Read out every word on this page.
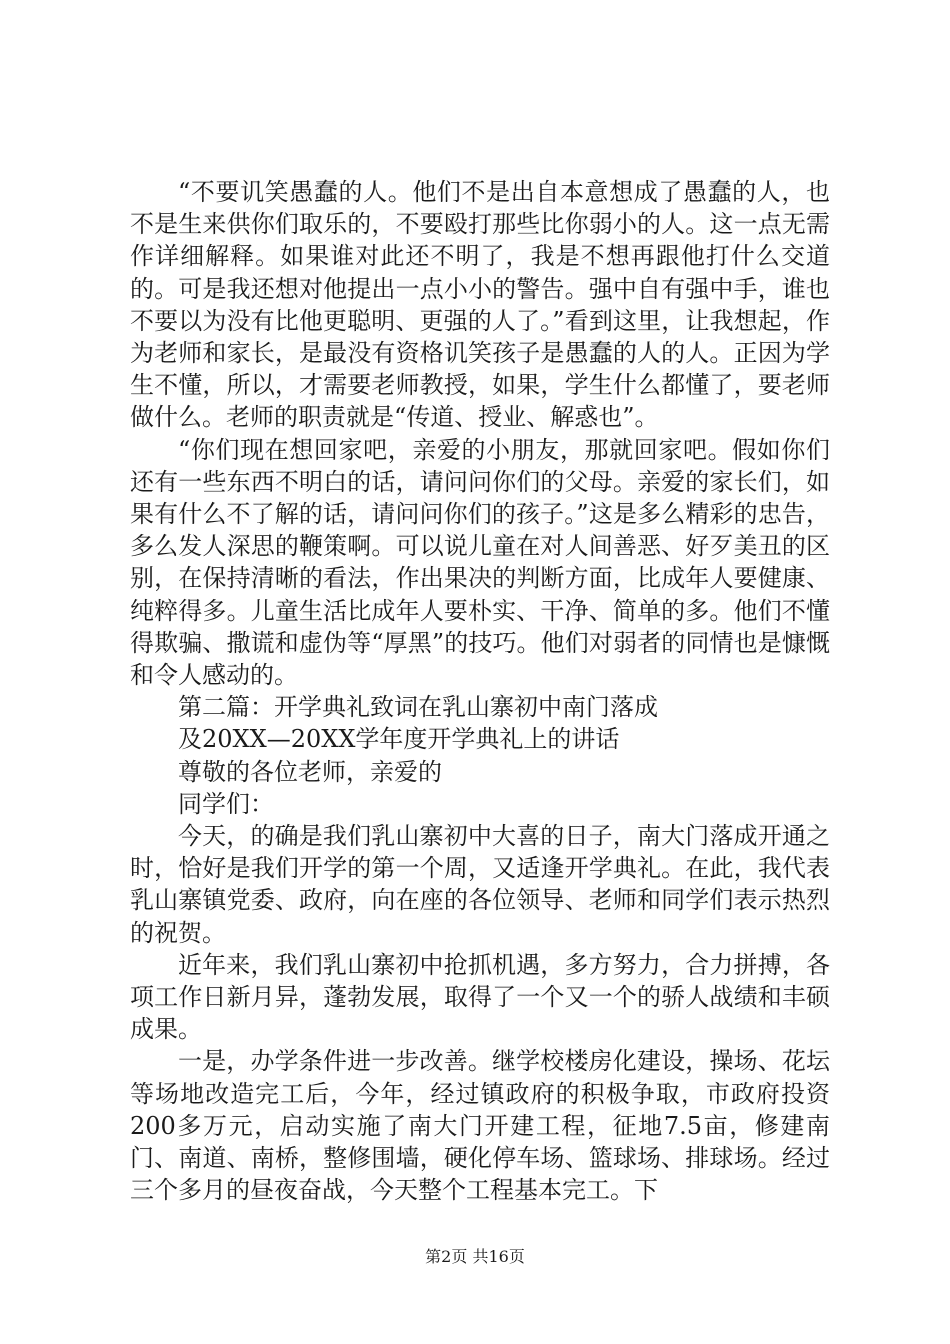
“不要讥笑愚蠢的人。他们不是出自本意想成了愚蠢的人，也不是生来供你们取乐的，不要殴打那些比你弱小的人。这一点无需作详细解释。如果谁对此还不明了，我是不想再跟他打什么交道的。可是我还想对他提出一点小小的警告。强中自有强中手，谁也不要以为没有比他更聪明、更强的人了。”看到这里，让我想起，作为老师和家长，是最没有资格讥笑孩子是愚蠢的人的人。正因为学生不懂，所以，才需要老师教授，如果，学生什么都懂了，要老师做什么。老师的职责就是“传道、授业、解惑也”。

“你们现在想回家吧，亲爱的小朋友，那就回家吧。假如你们还有一些东西不明白的话，请问问你们的父母。亲爱的家长们，如果有什么不了解的话，请问问你们的孩子。”这是多么精彩的忠告，多么发人深思的鞭策啊。可以说儿童在对人间善恶、好歹美丑的区别，在保持清晰的看法，作出果决的判断方面，比成年人要健康、纯粹得多。儿童生活比成年人要朴实、干净、简单的多。他们不懂得欺骗、撒谎和虚伪等“厚黑”的技巧。他们对弱者的同情也是慷慨和令人感动的。

第二篇：开学典礼致词在乳山寨初中南门落成

及20XX—20XX学年度开学典礼上的讲话

尊敬的各位老师，亲爱的

同学们：

今天，的确是我们乳山寨初中大喜的日子，南大门落成开通之时，恰好是我们开学的第一个周，又适逢开学典礼。在此，我代表乳山寨镇党委、政府，向在座的各位领导、老师和同学们表示热烈的祝贺。

近年来，我们乳山寨初中抢抓机遇，多方努力，合力拼搏，各项工作日新月异，蓬勃发展，取得了一个又一个的骄人战绩和丰硕成果。

一是，办学条件进一步改善。继学校楼房化建设，操场、花坛等场地改造完工后，今年，经过镇政府的积极争取，市政府投资200多万元，启动实施了南大门开建工程，征地7.5亩，修建南门、南道、南桥，整修围墙，硬化停车场、篮球场、排球场。经过三个多月的昼夜奋战，今天整个工程基本完工。下

第2页 共16页
